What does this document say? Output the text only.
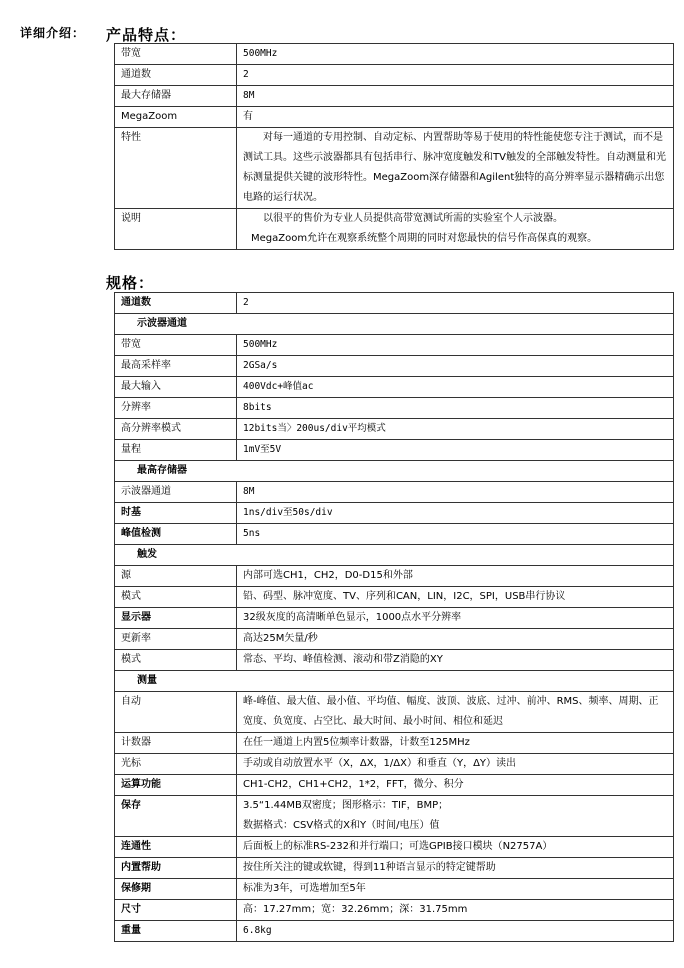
详细介绍： 产品特点：
带宽	500MHz
通道数	2
最大存储器	8M
MegaZoom	有
特性	对每一通道的专用控制、自动定标、内置帮助等易于使用的特性能使您专注于测试，而不是测试工具。这些示波器都具有包括串行、脉冲宽度触发和TV触发的全部触发特性。自动测量和光标测量提供关键的波形特性。MegaZoom深存储器和Agilent独特的高分辨率显示器精确示出您电路的运行状况。

说明	以很平的售价为专业人员提供高带宽测试所需的实验室个人示波器。
MegaZoom允许在观察系统整个周期的同时对您最快的信号作高保真的观察。
规格：
通道数	2
示波器通道	
带宽	500MHz
最高采样率	2GSa/s
最大输入	400Vdc+峰值ac
分辨率	8bits
高分辨率模式	12bits当〉200us/div平均模式
量程	1mV至5V
最高存储器	
示波器通道	8M
时基	1ns/div至50s/div
峰值检测	5ns
触发	
源	内部可选CH1，CH2，D0-D15和外部
模式	铅、码型、脉冲宽度、TV、序列和CAN，LIN，I2C，SPI，USB串行协议
显示器	32级灰度的高清晰单色显示，1000点水平分辨率
更新率	高达25M矢量/秒
模式	常态、平均、峰值检测、滚动和带Z消隐的XY
测量	
自动	峰-峰值、最大值、最小值、平均值、幅度、波顶、波底、过冲、前冲、RMS、频率、周期、正宽度、负宽度、占空比、最大时间、最小时间、相位和延迟
计数器	在任一通道上内置5位频率计数器，计数至125MHz
光标	手动或自动放置水平（X，ΔX，1/ΔX）和垂直（Y，ΔY）读出
运算功能	CH1-CH2，CH1+CH2，1*2，FFT，微分、积分
保存	3.5“1.44MB双密度；图形格示：TIF，BMP；
数据格式：CSV格式的X和Y（时间/电压）值

连通性	后面板上的标准RS-232和并行端口；可选GPIB接口模块（N2757A）
内置帮助	按住所关注的键或软键，得到11种语言显示的特定键帮助
保修期	标准为3年，可选增加至5年
尺寸	高：17.27mm；宽：32.26mm；深：31.75mm
重量	6.8kg
